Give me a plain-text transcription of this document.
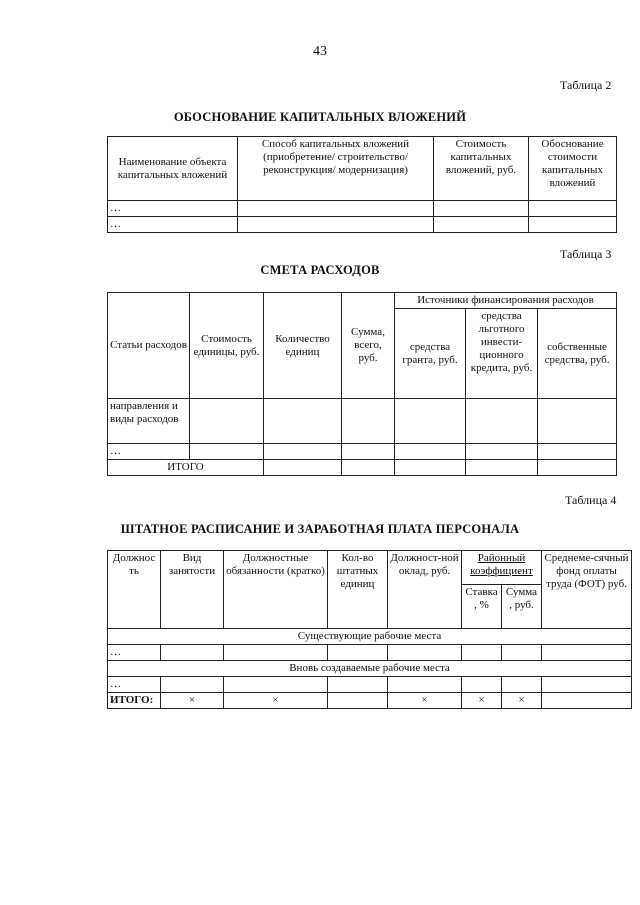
43
Таблица 2
ОБОСНОВАНИЕ КАПИТАЛЬНЫХ ВЛОЖЕНИЙ
Наименование объекта капитальных вложений	Способ капитальных вложений (приобретение/ строительство/реконструкция/ модернизация)	Стоимость капитальных вложений, руб.	Обоснование стоимости капитальных вложений
…			
…			
Таблица 3
СМЕТА РАСХОДОВ
Статьи расходов	Стоимость единицы, руб.	Количество единиц	Сумма, всего, руб.	Источники финансирования расходов		
				средства гранта, руб.	средства льготного инвести-ционного кредита, руб.	собственные средства, руб.
направления и виды расходов						
…						
ИТОГО						
Таблица 4
ШТАТНОЕ РАСПИСАНИЕ И ЗАРАБОТНАЯ ПЛАТА ПЕРСОНАЛА
Должнос ть	Вид занятости	Должностные обязанности (кратко)	Кол-во штатных единиц	Должност-ной оклад, руб.	Районный коэффициент		Среднеме-сячный фонд оплаты труда (ФОТ) руб.
					Ставка , %	Сумма , руб.	
Существующие рабочие места							
…							
Вновь создаваемые рабочие места							
…							
ИТОГО:	×	×		×	×	×	
